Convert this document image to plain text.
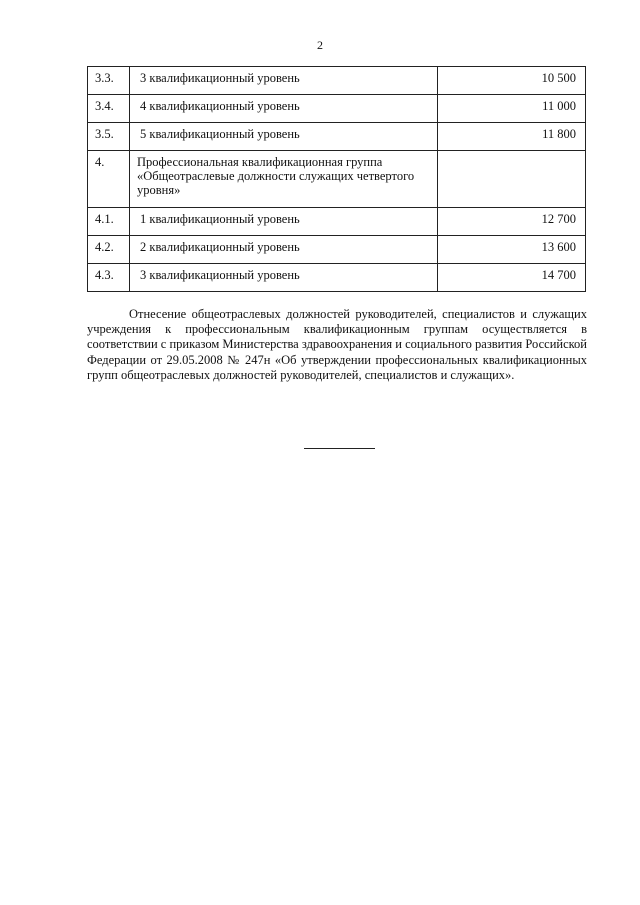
2
3.3.	3 квалификационный уровень	10 500
3.4.	4 квалификационный уровень	11 000
3.5.	5 квалификационный уровень	11 800
4.	Профессиональная квалификационная группа «Общеотраслевые должности служащих четвертого уровня»	
4.1.	1 квалификационный уровень	12 700
4.2.	2 квалификационный уровень	13 600
4.3.	3 квалификационный уровень	14 700

Отнесение общеотраслевых должностей руководителей, специалистов и служащих учреждения к профессиональным квалификационным группам осуществляется в соответствии с приказом Министерства здравоохранения и социального развития Российской Федерации от 29.05.2008 № 247н «Об утверждении профессиональных квалификационных групп общеотраслевых должностей руководителей, специалистов и служащих».
